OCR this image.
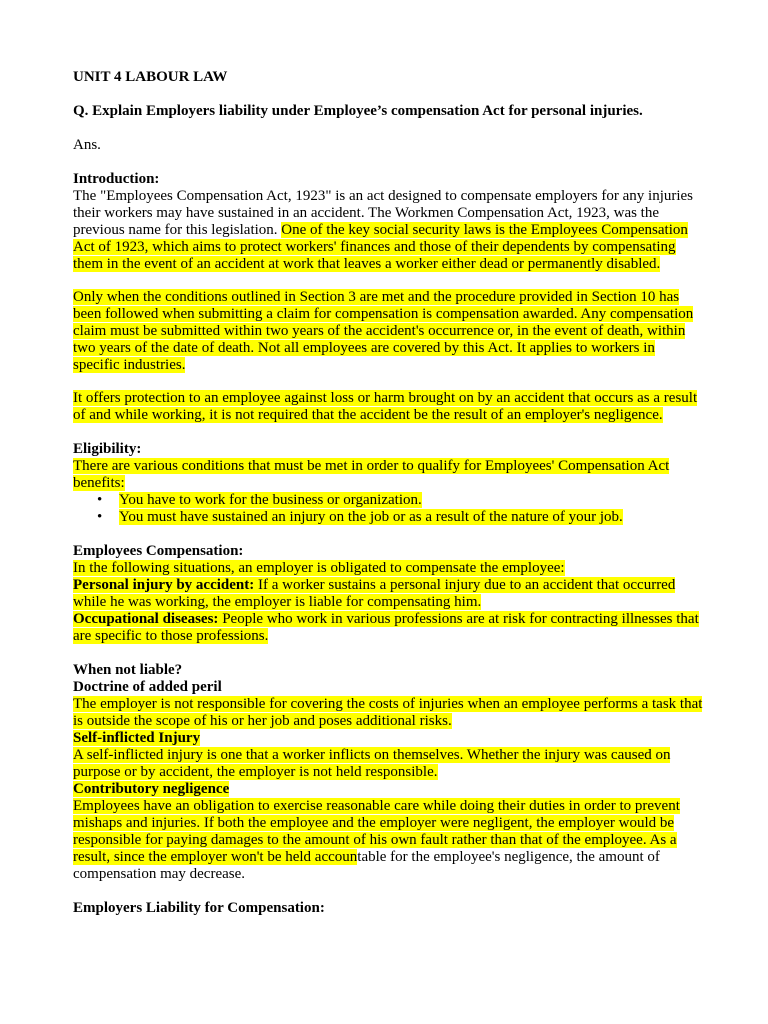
UNIT 4 LABOUR LAW

Q. Explain Employers liability under Employee’s compensation Act for personal injuries.

Ans.

Introduction:

The "Employees Compensation Act, 1923" is an act designed to compensate employers for any injuries their workers may have sustained in an accident. The Workmen Compensation Act, 1923, was the previous name for this legislation. One of the key social security laws is the Employees Compensation Act of 1923, which aims to protect workers' finances and those of their dependents by compensating them in the event of an accident at work that leaves a worker either dead or permanently disabled.

Only when the conditions outlined in Section 3 are met and the procedure provided in Section 10 has been followed when submitting a claim for compensation is compensation awarded. Any compensation claim must be submitted within two years of the accident's occurrence or, in the event of death, within two years of the date of death. Not all employees are covered by this Act. It applies to workers in specific industries.

It offers protection to an employee against loss or harm brought on by an accident that occurs as a result of and while working, it is not required that the accident be the result of an employer's negligence.

Eligibility:

There are various conditions that must be met in order to qualify for Employees' Compensation Act benefits:

• You have to work for the business or organization.
• You must have sustained an injury on the job or as a result of the nature of your job.

Employees Compensation:

In the following situations, an employer is obligated to compensate the employee:

Personal injury by accident: If a worker sustains a personal injury due to an accident that occurred while he was working, the employer is liable for compensating him.

Occupational diseases: People who work in various professions are at risk for contracting illnesses that are specific to those professions.

When not liable?

Doctrine of added peril

The employer is not responsible for covering the costs of injuries when an employee performs a task that is outside the scope of his or her job and poses additional risks.

Self-inflicted Injury

A self-inflicted injury is one that a worker inflicts on themselves. Whether the injury was caused on purpose or by accident, the employer is not held responsible.

Contributory negligence

Employees have an obligation to exercise reasonable care while doing their duties in order to prevent mishaps and injuries. If both the employee and the employer were negligent, the employer would be responsible for paying damages to the amount of his own fault rather than that of the employee. As a result, since the employer won't be held accountable for the employee's negligence, the amount of compensation may decrease.

Employers Liability for Compensation:
